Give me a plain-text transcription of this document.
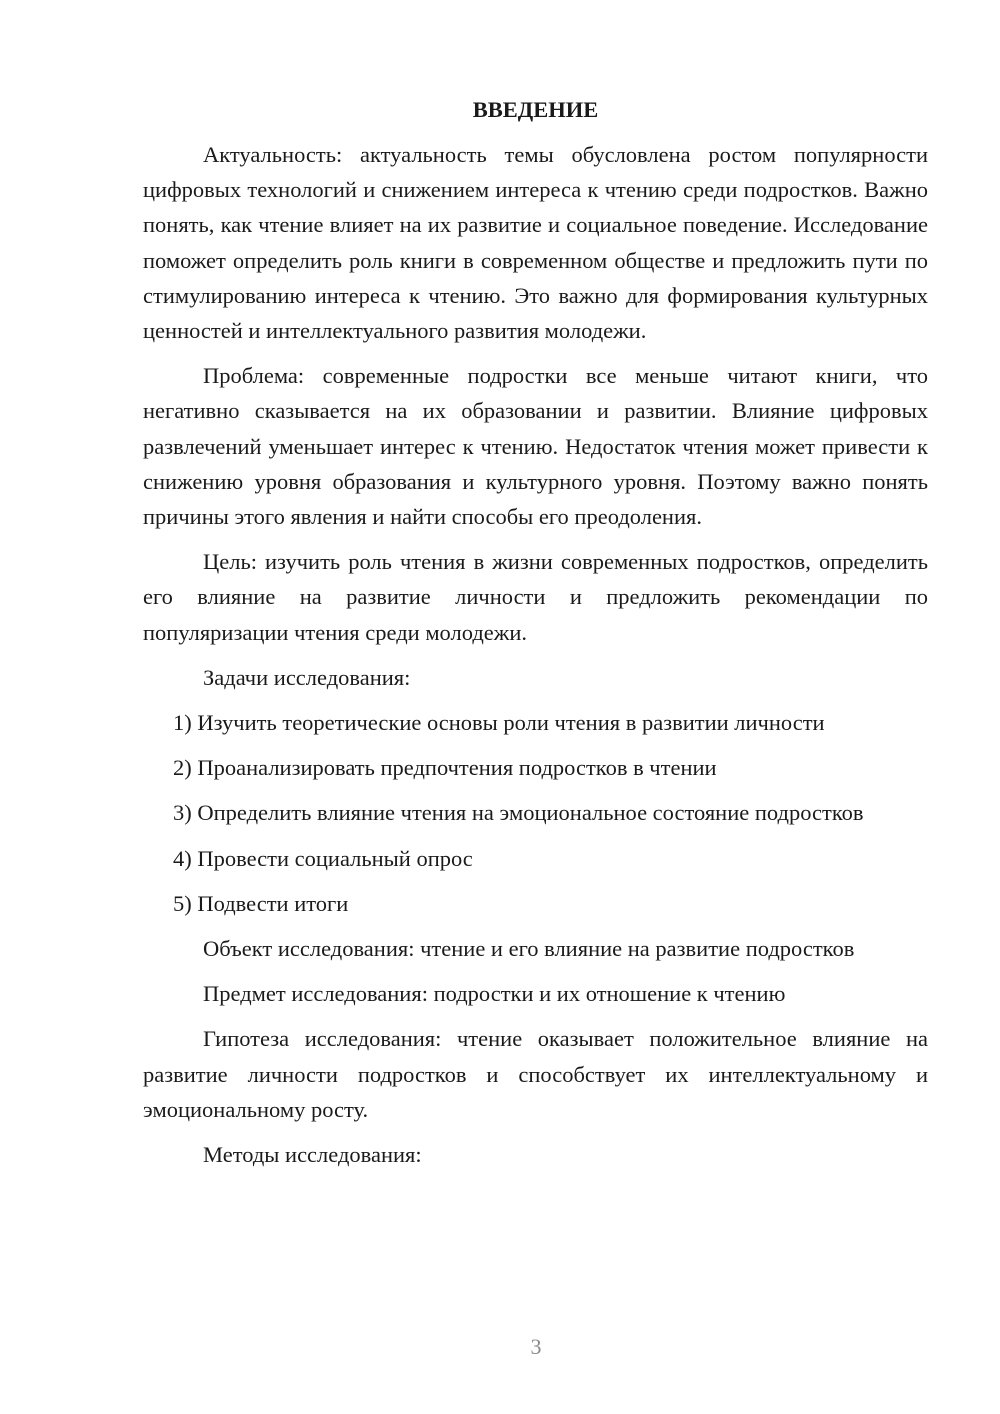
ВВЕДЕНИЕ

Актуальность: актуальность темы обусловлена ростом популярности цифровых технологий и снижением интереса к чтению среди подростков. Важно понять, как чтение влияет на их развитие и социальное поведение. Исследование поможет определить роль книги в современном обществе и предложить пути по стимулированию интереса к чтению. Это важно для формирования культурных ценностей и интеллектуального развития молодежи.

Проблема: современные подростки все меньше читают книги, что негативно сказывается на их образовании и развитии. Влияние цифровых развлечений уменьшает интерес к чтению. Недостаток чтения может привести к снижению уровня образования и культурного уровня. Поэтому важно понять причины этого явления и найти способы его преодоления.

Цель: изучить роль чтения в жизни современных подростков, определить его влияние на развитие личности и предложить рекомендации по популяризации чтения среди молодежи.

Задачи исследования:

1) Изучить теоретические основы роли чтения в развитии личности

2) Проанализировать предпочтения подростков в чтении

3) Определить влияние чтения на эмоциональное состояние подростков

4) Провести социальный опрос

5) Подвести итоги

Объект исследования: чтение и его влияние на развитие подростков

Предмет исследования: подростки и их отношение к чтению

Гипотеза исследования: чтение оказывает положительное влияние на развитие личности подростков и способствует их интеллектуальному и эмоциональному росту.

Методы исследования:

3
